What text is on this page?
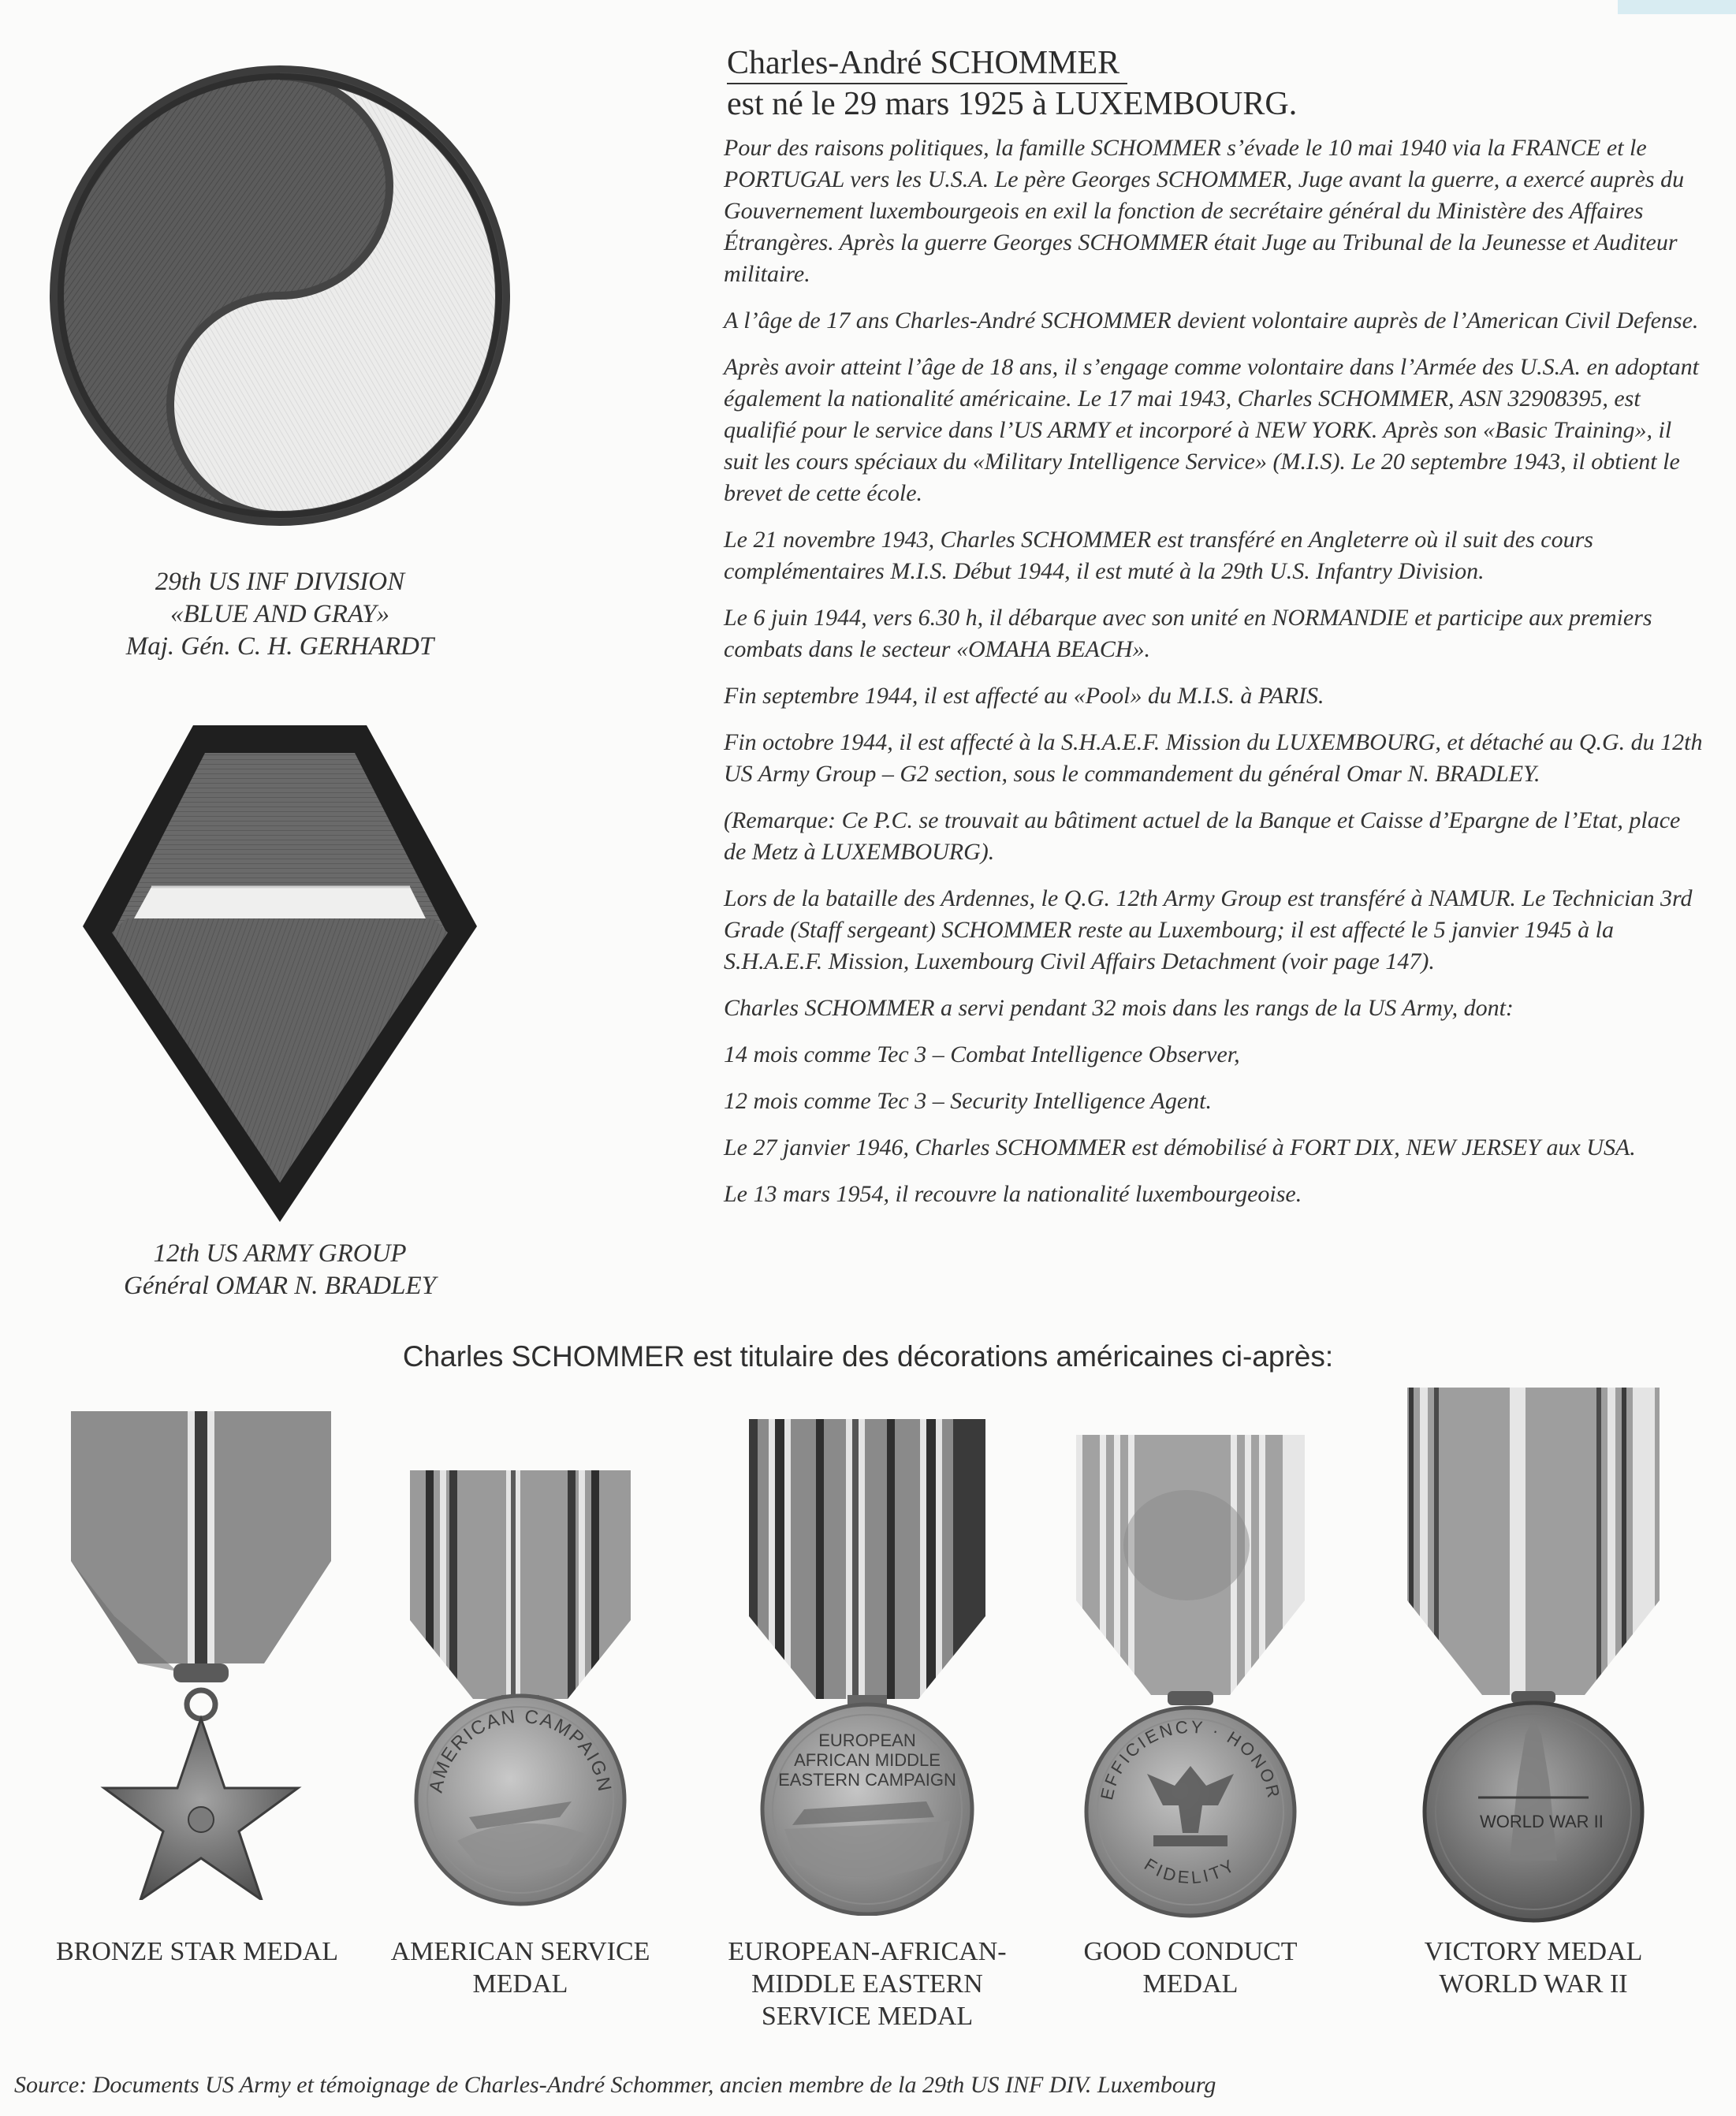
29th US INF DIVISION
«BLUE AND GRAY»
Maj. Gén. C. H. GERHARDT
12th US ARMY GROUP
Général OMAR N. BRADLEY
Charles-André SCHOMMER
est né le 29 mars 1925 à LUXEMBOURG.

Pour des raisons politiques, la famille SCHOMMER s’évade le 10 mai 1940 via la FRANCE et le PORTUGAL vers les U.S.A. Le père Georges SCHOMMER, Juge avant la guerre, a exercé auprès du Gouvernement luxembourgeois en exil la fonction de secrétaire général du Ministère des Affaires Étrangères. Après la guerre Georges SCHOMMER était Juge au Tribunal de la Jeunesse et Auditeur militaire.

A l’âge de 17 ans Charles-André SCHOMMER devient volontaire auprès de l’American Civil Defense.

Après avoir atteint l’âge de 18 ans, il s’engage comme volontaire dans l’Armée des U.S.A. en adoptant également la nationalité américaine. Le 17 mai 1943, Charles SCHOMMER, ASN 32908395, est qualifié pour le service dans l’US ARMY et incorporé à NEW YORK. Après son «Basic Training», il suit les cours spéciaux du «Military Intelligence Service» (M.I.S). Le 20 septembre 1943, il obtient le brevet de cette école.

Le 21 novembre 1943, Charles SCHOMMER est transféré en Angleterre où il suit des cours complémentaires M.I.S. Début 1944, il est muté à la 29th U.S. Infantry Division.

Le 6 juin 1944, vers 6.30 h, il débarque avec son unité en NORMANDIE et participe aux premiers combats dans le secteur «OMAHA BEACH».

Fin septembre 1944, il est affecté au «Pool» du M.I.S. à PARIS.

Fin octobre 1944, il est affecté à la S.H.A.E.F. Mission du LUXEMBOURG, et détaché au Q.G. du 12th US Army Group – G2 section, sous le commandement du général Omar N. BRADLEY.

(Remarque: Ce P.C. se trouvait au bâtiment actuel de la Banque et Caisse d’Epargne de l’Etat, place de Metz à LUXEMBOURG).

Lors de la bataille des Ardennes, le Q.G. 12th Army Group est transféré à NAMUR. Le Technician 3rd Grade (Staff sergeant) SCHOMMER reste au Luxembourg; il est affecté le 5 janvier 1945 à la S.H.A.E.F. Mission, Luxembourg Civil Affairs Detachment (voir page 147).

Charles SCHOMMER a servi pendant 32 mois dans les rangs de la US Army, dont:

14 mois comme Tec 3 – Combat Intelligence Observer,

12 mois comme Tec 3 – Security Intelligence Agent.

Le 27 janvier 1946, Charles SCHOMMER est démobilisé à FORT DIX, NEW JERSEY aux USA.

Le 13 mars 1954, il recouvre la nationalité luxembourgeoise.

Charles SCHOMMER est titulaire des décorations américaines ci-après:
BRONZE STAR MEDAL
AMERICAN CAMPAIGN
AMERICAN SERVICE
MEDAL
EUROPEAN
AFRICAN MIDDLE
EASTERN CAMPAIGN
EUROPEAN-AFRICAN-
MIDDLE EASTERN
SERVICE MEDAL
EFFICIENCY · HONOR
FIDELITY
GOOD CONDUCT
MEDAL
WORLD WAR II
VICTORY MEDAL
WORLD WAR II
Source: Documents US Army et témoignage de Charles-André Schommer, ancien membre de la 29th US INF DIV. Luxembourg
